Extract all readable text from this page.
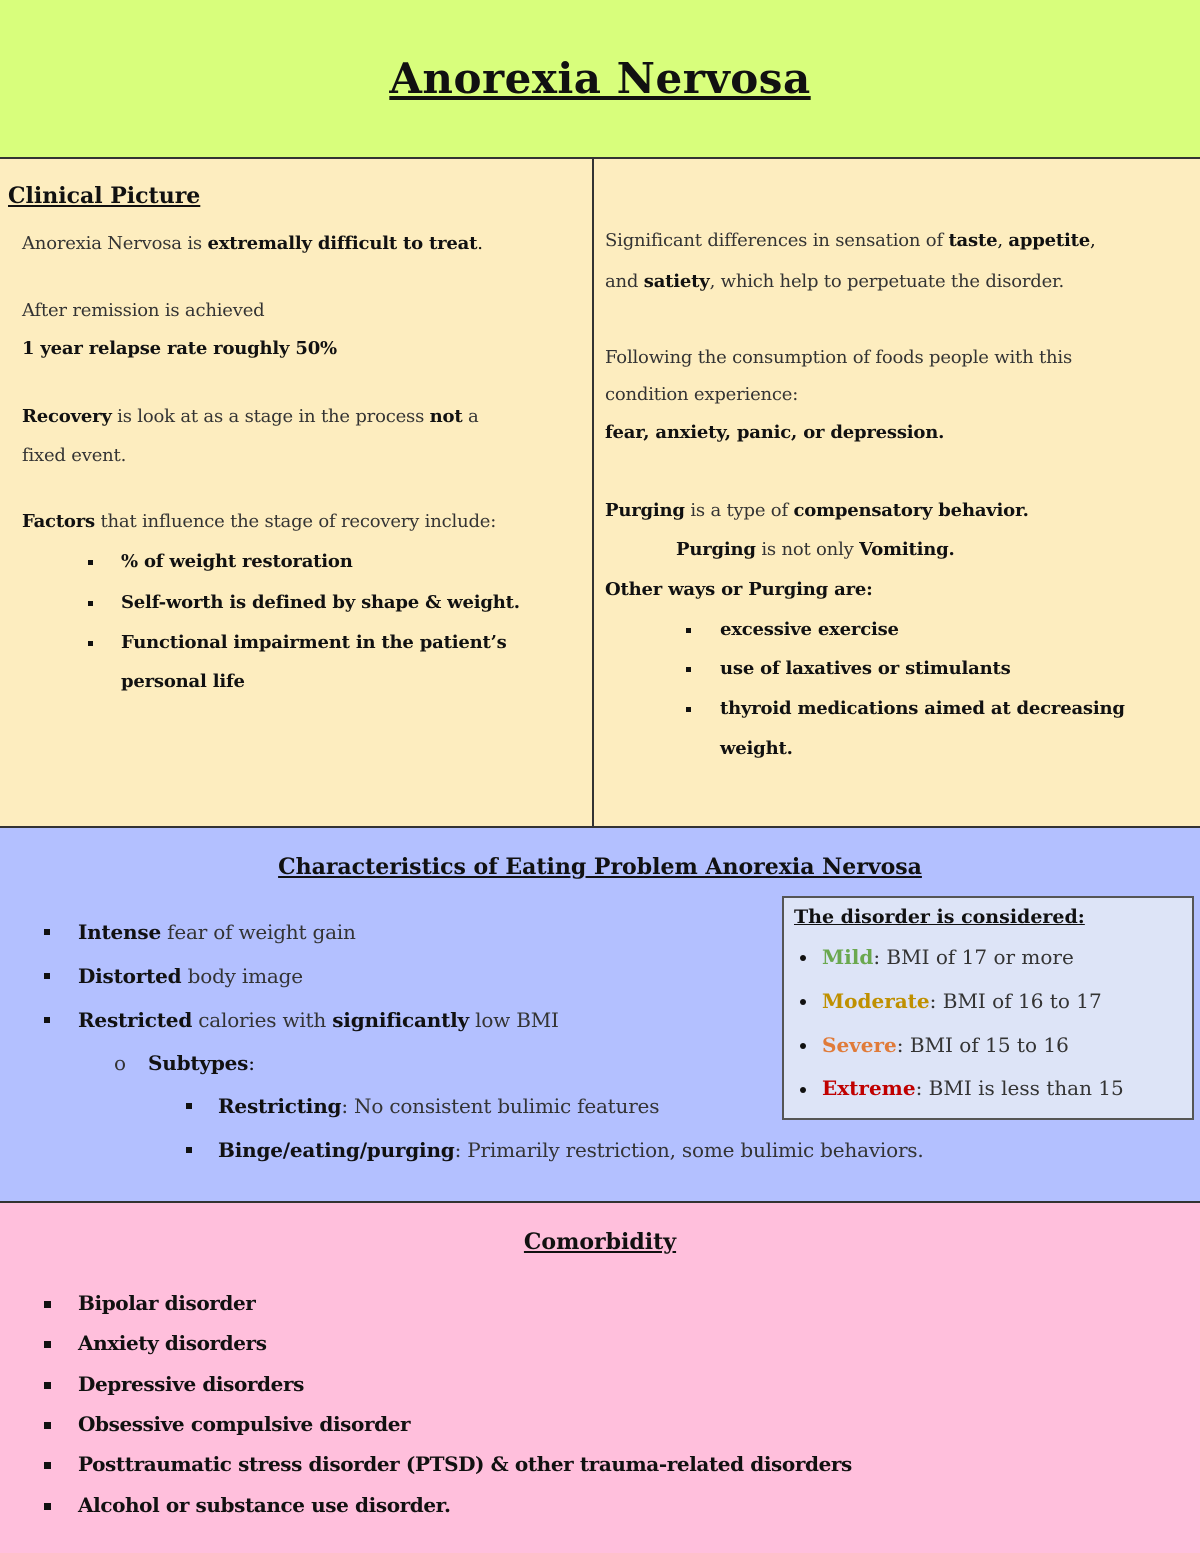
Anorexia Nervosa
Clinical Picture
Anorexia Nervosa is extremally difficult to treat.
After remission is achieved
1 year relapse rate roughly 50%
Recovery is look at as a stage in the process not a
fixed event.
Factors that influence the stage of recovery include:
% of weight restoration
Self-worth is defined by shape & weight.
Functional impairment in the patient’s
personal life
Significant differences in sensation of taste, appetite,
and satiety, which help to perpetuate the disorder.
Following the consumption of foods people with this
condition experience:
fear, anxiety, panic, or depression.
Purging is a type of compensatory behavior.
Purging is not only Vomiting.
Other ways or Purging are:
excessive exercise
use of laxatives or stimulants
thyroid medications aimed at decreasing
weight.
Characteristics of Eating Problem Anorexia Nervosa
Intense fear of weight gain
Distorted body image
Restricted calories with significantly low BMI
o Subtypes:
Restricting: No consistent bulimic features
Binge/eating/purging: Primarily restriction, some bulimic behaviors.
The disorder is considered:
Mild: BMI of 17 or more
Moderate: BMI of 16 to 17
Severe: BMI of 15 to 16
Extreme: BMI is less than 15
Comorbidity
Bipolar disorder
Anxiety disorders
Depressive disorders
Obsessive compulsive disorder
Posttraumatic stress disorder (PTSD) & other trauma-related disorders
Alcohol or substance use disorder.
